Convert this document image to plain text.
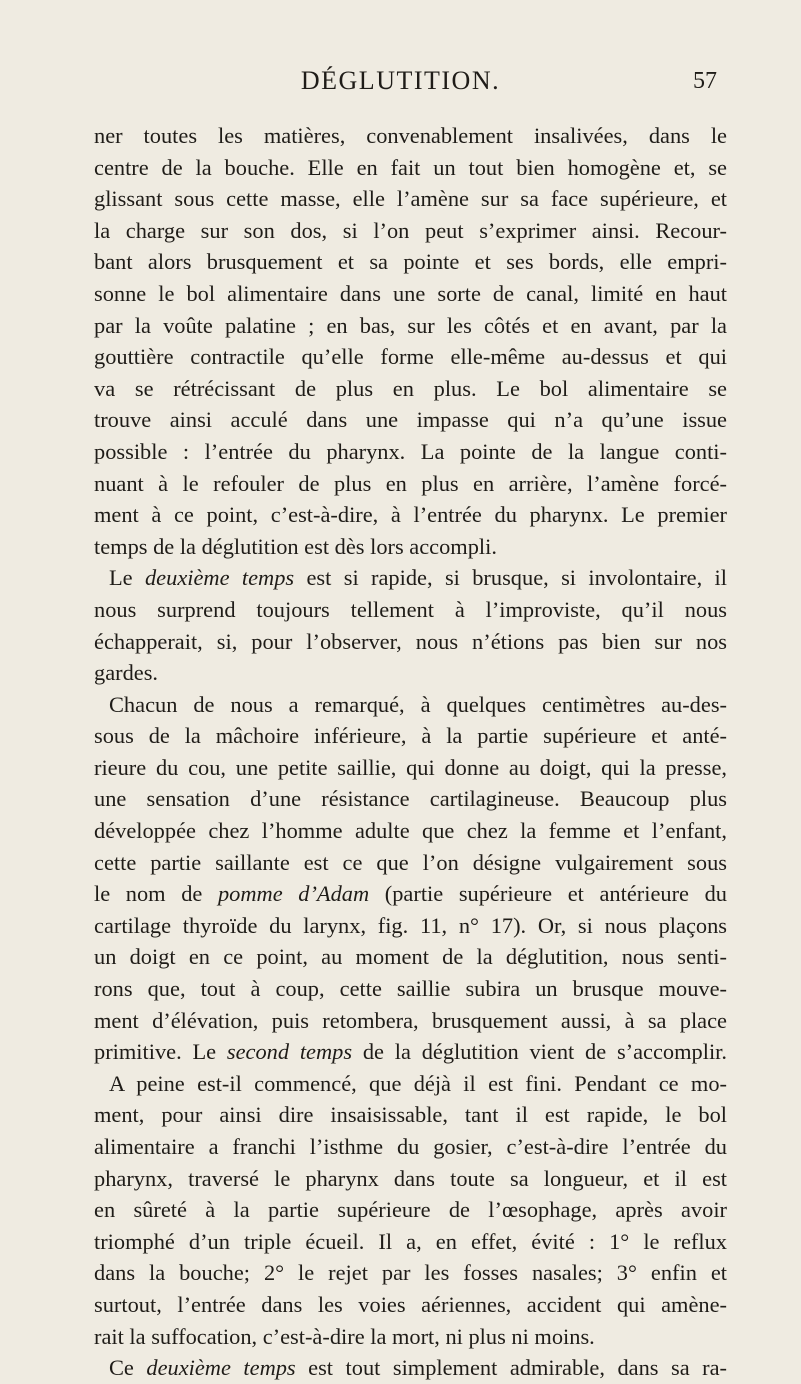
DÉGLUTITION.	57
ner toutes les matières, convenablement insalivées, dans le
centre de la bouche. Elle en fait un tout bien homogène et, se
glissant sous cette masse, elle l’amène sur sa face supérieure, et
la charge sur son dos, si l’on peut s’exprimer ainsi. Recour-
bant alors brusquement et sa pointe et ses bords, elle empri-
sonne le bol alimentaire dans une sorte de canal, limité en haut
par la voûte palatine ; en bas, sur les côtés et en avant, par la
gouttière contractile qu’elle forme elle-même au-dessus et qui
va se rétrécissant de plus en plus. Le bol alimentaire se
trouve ainsi acculé dans une impasse qui n’a qu’une issue
possible : l’entrée du pharynx. La pointe de la langue conti-
nuant à le refouler de plus en plus en arrière, l’amène forcé-
ment à ce point, c’est-à-dire, à l’entrée du pharynx. Le premier
temps de la déglutition est dès lors accompli.
Le deuxième temps est si rapide, si brusque, si involontaire, il
nous surprend toujours tellement à l’improviste, qu’il nous
échapperait, si, pour l’observer, nous n’étions pas bien sur nos
gardes.
Chacun de nous a remarqué, à quelques centimètres au-des-
sous de la mâchoire inférieure, à la partie supérieure et anté-
rieure du cou, une petite saillie, qui donne au doigt, qui la presse,
une sensation d’une résistance cartilagineuse. Beaucoup plus
développée chez l’homme adulte que chez la femme et l’enfant,
cette partie saillante est ce que l’on désigne vulgairement sous
le nom de pomme d’Adam (partie supérieure et antérieure du
cartilage thyroïde du larynx, fig. 11, n° 17). Or, si nous plaçons
un doigt en ce point, au moment de la déglutition, nous senti-
rons que, tout à coup, cette saillie subira un brusque mouve-
ment d’élévation, puis retombera, brusquement aussi, à sa place
primitive. Le second temps de la déglutition vient de s’accomplir.
A peine est-il commencé, que déjà il est fini. Pendant ce mo-
ment, pour ainsi dire insaisissable, tant il est rapide, le bol
alimentaire a franchi l’isthme du gosier, c’est-à-dire l’entrée du
pharynx, traversé le pharynx dans toute sa longueur, et il est
en sûreté à la partie supérieure de l’œsophage, après avoir
triomphé d’un triple écueil. Il a, en effet, évité : 1° le reflux
dans la bouche; 2° le rejet par les fosses nasales; 3° enfin et
surtout, l’entrée dans les voies aériennes, accident qui amène-
rait la suffocation, c’est-à-dire la mort, ni plus ni moins.
Ce deuxième temps est tout simplement admirable, dans sa ra-
